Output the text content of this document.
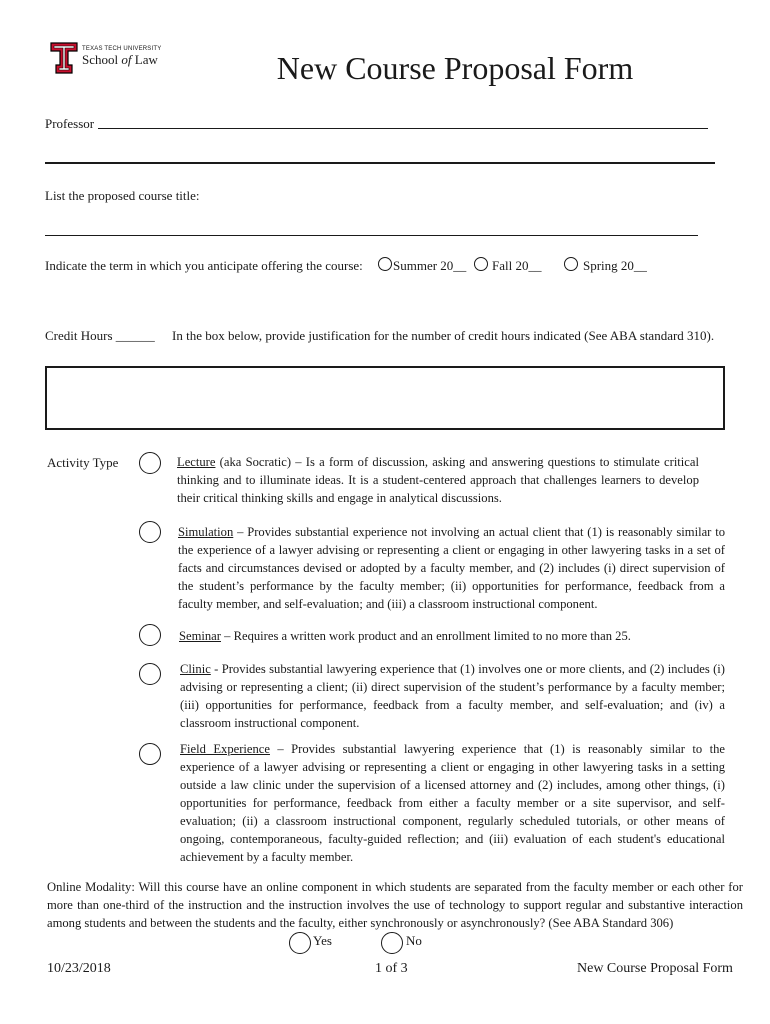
TEXAS TECH UNIVERSITY
School of Law	New Course Proposal Form
Professor
List the proposed course title:
Indicate the term in which you anticipate offering the course: Summer 20__ Fall 20__	Spring 20__
Credit Hours ______ In the box below, provide justification for the number of credit hours indicated (See ABA standard 310).
Activity Type	Lecture (aka Socratic) – Is a form of discussion, asking and answering questions to stimulate critical thinking and to illuminate ideas. It is a student-centered approach that challenges learners to develop their critical thinking skills and engage in analytical discussions.
Simulation – Provides substantial experience not involving an actual client that (1) is reasonably similar to the experience of a lawyer advising or representing a client or engaging in other lawyering tasks in a set of facts and circumstances devised or adopted by a faculty member, and (2) includes (i) direct supervision of the student’s performance by the faculty member; (ii) opportunities for performance, feedback from a faculty member, and self-evaluation; and (iii) a classroom instructional component.
Seminar – Requires a written work product and an enrollment limited to no more than 25.
Clinic - Provides substantial lawyering experience that (1) involves one or more clients, and (2) includes (i) advising or representing a client; (ii) direct supervision of the student’s performance by a faculty member; (iii) opportunities for performance, feedback from a faculty member, and self-evaluation; and (iv) a classroom instructional component.
Field Experience – Provides substantial lawyering experience that (1) is reasonably similar to the experience of a lawyer advising or representing a client or engaging in other lawyering tasks in a setting outside a law clinic under the supervision of a licensed attorney and (2) includes, among other things, (i) opportunities for performance, feedback from either a faculty member or a site supervisor, and self-evaluation; (ii) a classroom instructional component, regularly scheduled tutorials, or other means of ongoing, contemporaneous, faculty-guided reflection; and (iii) evaluation of each student's educational achievement by a faculty member.
Online Modality: Will this course have an online component in which students are separated from the faculty member or each other for more than one-third of the instruction and the instruction involves the use of technology to support regular and substantive interaction among students and between the students and the faculty, either synchronously or asynchronously? (See ABA Standard 306)
Yes	No
10/23/2018	1 of 3	New Course Proposal Form
